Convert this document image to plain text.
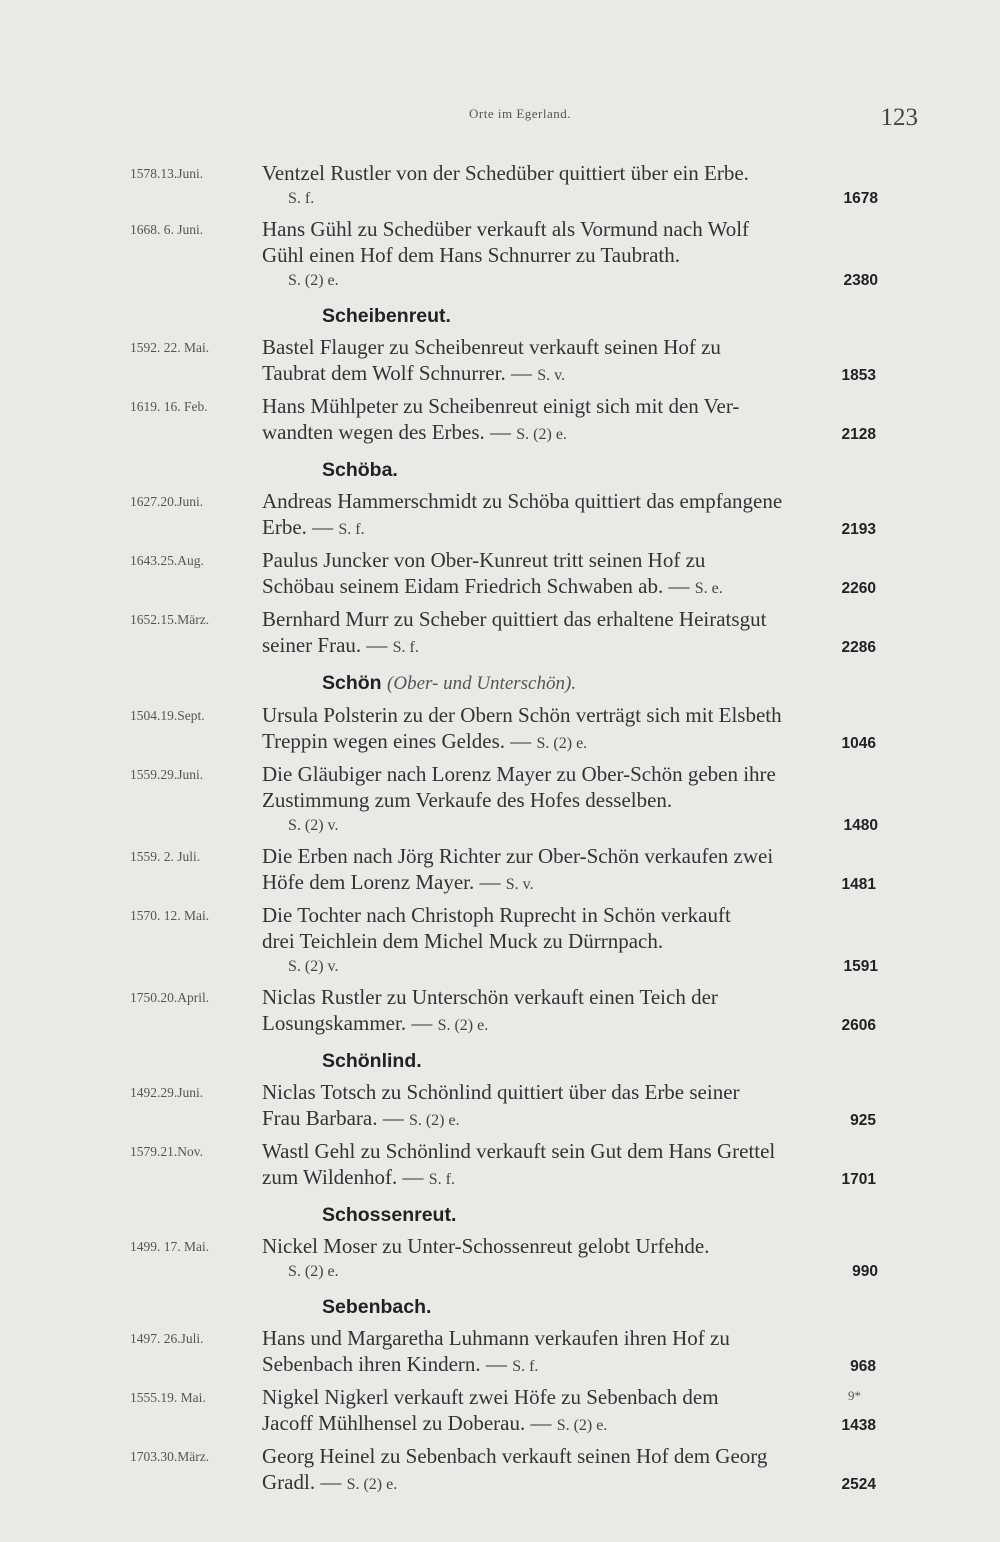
Orte im Egerland.	123
1578.13.Juni.	Ventzel Rustler von der Schedüber quittiert über ein Erbe.
S. f.	1678
1668. 6. Juni.	Hans Gühl zu Schedüber verkauft als Vormund nach Wolf
Gühl einen Hof dem Hans Schnurrer zu Taubrath.
S. (2) e.	2380
Scheibenreut.
1592. 22. Mai.	Bastel Flauger zu Scheibenreut verkauft seinen Hof zu
Taubrat dem Wolf Schnurrer. — S. v.	1853
1619. 16. Feb.	Hans Mühlpeter zu Scheibenreut einigt sich mit den Ver-
wandten wegen des Erbes. — S. (2) e.	2128
Schöba.
1627.20.Juni.	Andreas Hammerschmidt zu Schöba quittiert das empfangene
Erbe. — S. f.	2193
1643.25.Aug.	Paulus Juncker von Ober-Kunreut tritt seinen Hof zu
Schöbau seinem Eidam Friedrich Schwaben ab. — S. e.	2260
1652.15.März.	Bernhard Murr zu Scheber quittiert das erhaltene Heiratsgut
seiner Frau. — S. f.	2286
Schön (Ober- und Unterschön).
1504.19.Sept.	Ursula Polsterin zu der Obern Schön verträgt sich mit Elsbeth
Treppin wegen eines Geldes. — S. (2) e.	1046
1559.29.Juni.	Die Gläubiger nach Lorenz Mayer zu Ober-Schön geben ihre
Zustimmung zum Verkaufe des Hofes desselben.
S. (2) v.	1480
1559. 2. Juli.	Die Erben nach Jörg Richter zur Ober-Schön verkaufen zwei
Höfe dem Lorenz Mayer. — S. v.	1481
1570. 12. Mai.	Die Tochter nach Christoph Ruprecht in Schön verkauft
drei Teichlein dem Michel Muck zu Dürrnpach.
S. (2) v.	1591
1750.20.April.	Niclas Rustler zu Unterschön verkauft einen Teich der
Losungskammer. — S. (2) e.	2606
Schönlind.
1492.29.Juni.	Niclas Totsch zu Schönlind quittiert über das Erbe seiner
Frau Barbara. — S. (2) e.	925
1579.21.Nov.	Wastl Gehl zu Schönlind verkauft sein Gut dem Hans Grettel
zum Wildenhof. — S. f.	1701
Schossenreut.
1499. 17. Mai.	Nickel Moser zu Unter-Schossenreut gelobt Urfehde.
S. (2) e.	990
Sebenbach.
1497. 26.Juli.	Hans und Margaretha Luhmann verkaufen ihren Hof zu
Sebenbach ihren Kindern. — S. f.	968
1555.19. Mai.	Nigkel Nigkerl verkauft zwei Höfe zu Sebenbach dem
Jacoff Mühlhensel zu Doberau. — S. (2) e.	1438
1703.30.März.	Georg Heinel zu Sebenbach verkauft seinen Hof dem Georg
Gradl. — S. (2) e.	2524
9*
